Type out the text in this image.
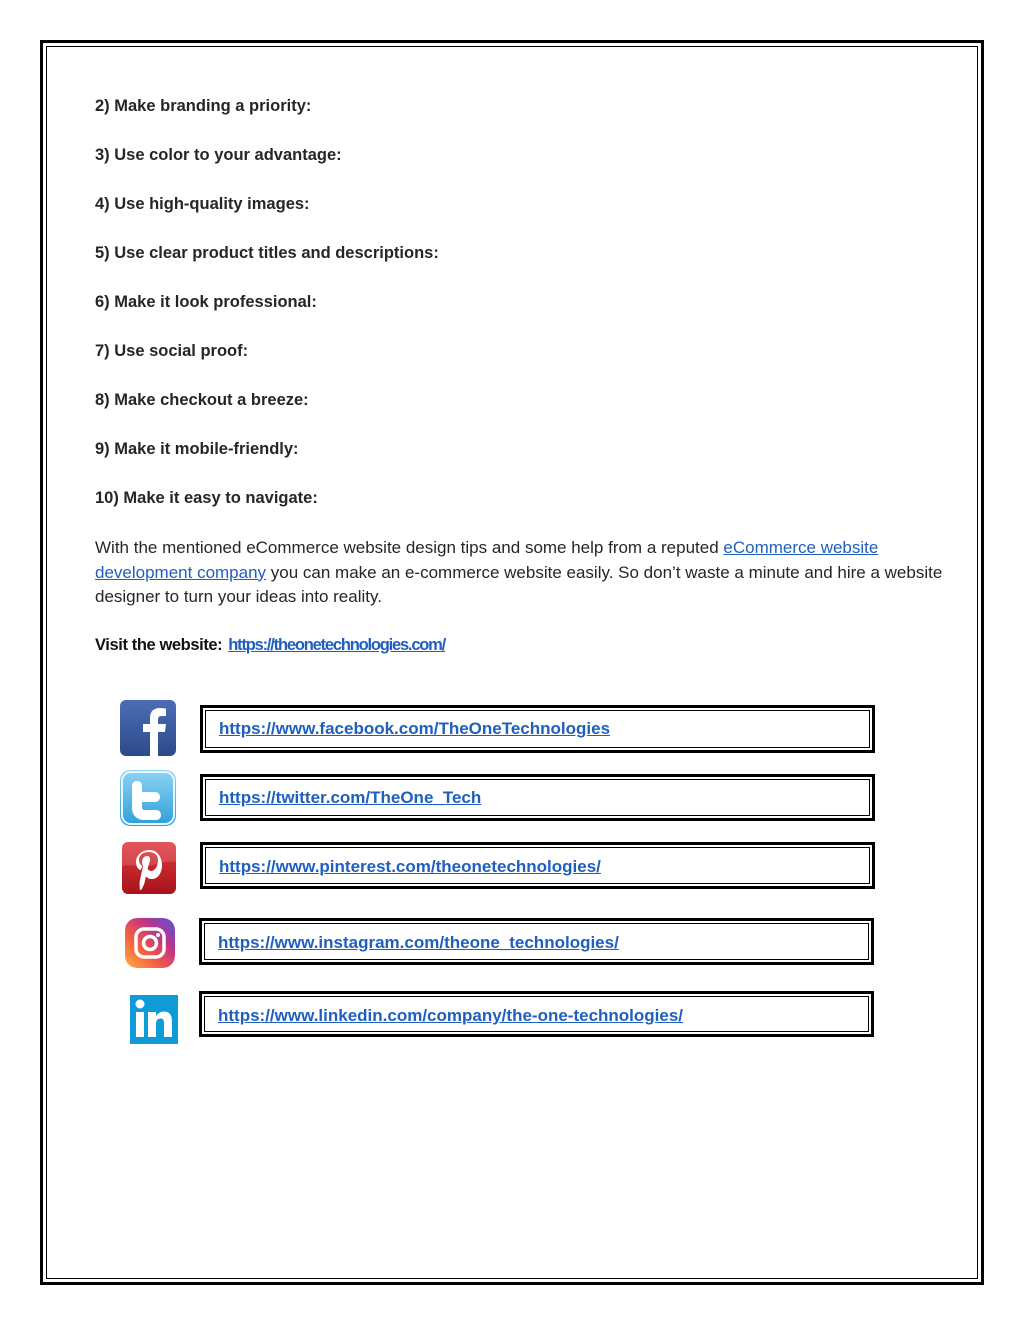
2) Make branding a priority:
3) Use color to your advantage:
4) Use high-quality images:
5) Use clear product titles and descriptions:
6) Make it look professional:
7) Use social proof:
8) Make checkout a breeze:
9) Make it mobile-friendly:
10) Make it easy to navigate:
With the mentioned eCommerce website design tips and some help from a reputed eCommerce website development company you can make an e-commerce website easily. So don’t waste a minute and hire a website designer to turn your ideas into reality.
Visit the website: https://theonetechnologies.com/
https://www.facebook.com/TheOneTechnologies
https://twitter.com/TheOne_Tech
https://www.pinterest.com/theonetechnologies/
https://www.instagram.com/theone_technologies/
https://www.linkedin.com/company/the-one-technologies/
